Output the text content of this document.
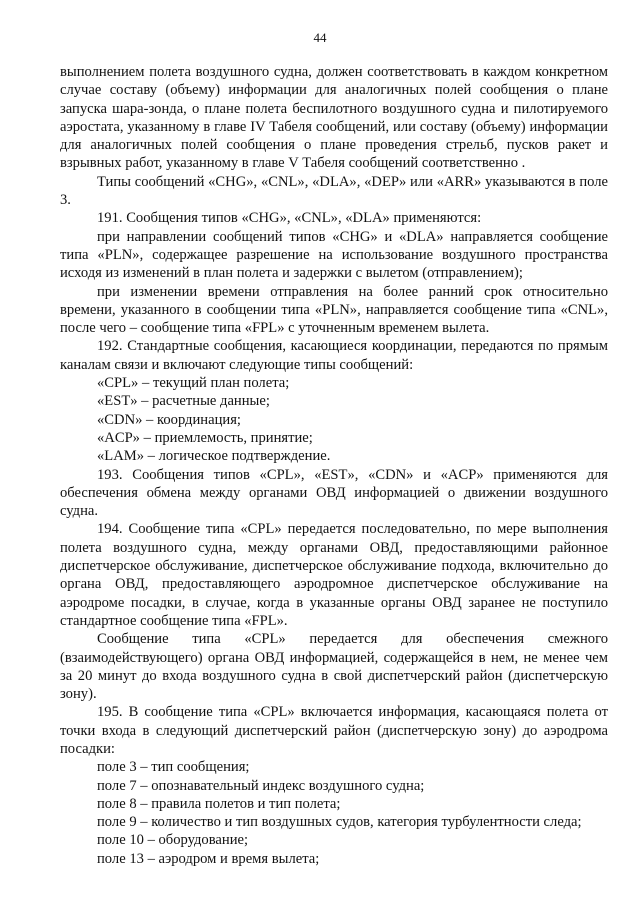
44

выполнением полета воздушного судна, должен соответствовать в каждом конкретном случае составу (объему) информации для аналогичных полей сообщения о плане запуска шара-зонда, о плане полета беспилотного воздушного судна и пилотируемого аэростата, указанному в главе IV Табеля сообщений, или составу (объему) информации для аналогичных полей сообщения о плане проведения стрельб, пусков ракет и взрывных работ, указанному в главе V Табеля сообщений соответственно .

Типы сообщений «CHG», «CNL», «DLA», «DEP» или «ARR» указываются в поле 3.

191. Сообщения типов «CHG», «CNL», «DLA» применяются:

при направлении сообщений типов «CHG» и «DLA» направляется сообщение типа «PLN», содержащее разрешение на использование воздушного пространства исходя из изменений в план полета и задержки с вылетом (отправлением);

при изменении времени отправления на более ранний срок относительно времени, указанного в сообщении типа «PLN», направляется сообщение типа «CNL», после чего – сообщение типа «FPL» с уточненным временем вылета.

192. Стандартные сообщения, касающиеся координации, передаются по прямым каналам связи и включают следующие типы сообщений:

«CPL» – текущий план полета;

«EST» – расчетные данные;

«CDN» – координация;

«ACP» – приемлемость, принятие;

«LAM» – логическое подтверждение.

193. Сообщения типов «CPL», «EST», «CDN» и «ACP» применяются для обеспечения обмена между органами ОВД информацией о движении воздушного судна.

194. Сообщение типа «CPL» передается последовательно, по мере выполнения полета воздушного судна, между органами ОВД, предоставляющими районное диспетчерское обслуживание, диспетчерское обслуживание подхода, включительно до органа ОВД, предоставляющего аэродромное диспетчерское обслуживание на аэродроме посадки, в случае, когда в указанные органы ОВД заранее не поступило стандартное сообщение типа «FPL».

Сообщение типа «CPL» передается для обеспечения смежного (взаимодействующего) органа ОВД информацией, содержащейся в нем, не менее чем за 20 минут до входа воздушного судна в свой диспетчерский район (диспетчерскую зону).

195. В сообщение типа «CPL» включается информация, касающаяся полета от точки входа в следующий диспетчерский район (диспетчерскую зону) до аэродрома посадки:

поле 3 – тип сообщения;

поле 7 – опознавательный индекс воздушного судна;

поле 8 – правила полетов и тип полета;

поле 9 – количество и тип воздушных судов, категория турбулентности следа;

поле 10 – оборудование;

поле 13 – аэродром и время вылета;
